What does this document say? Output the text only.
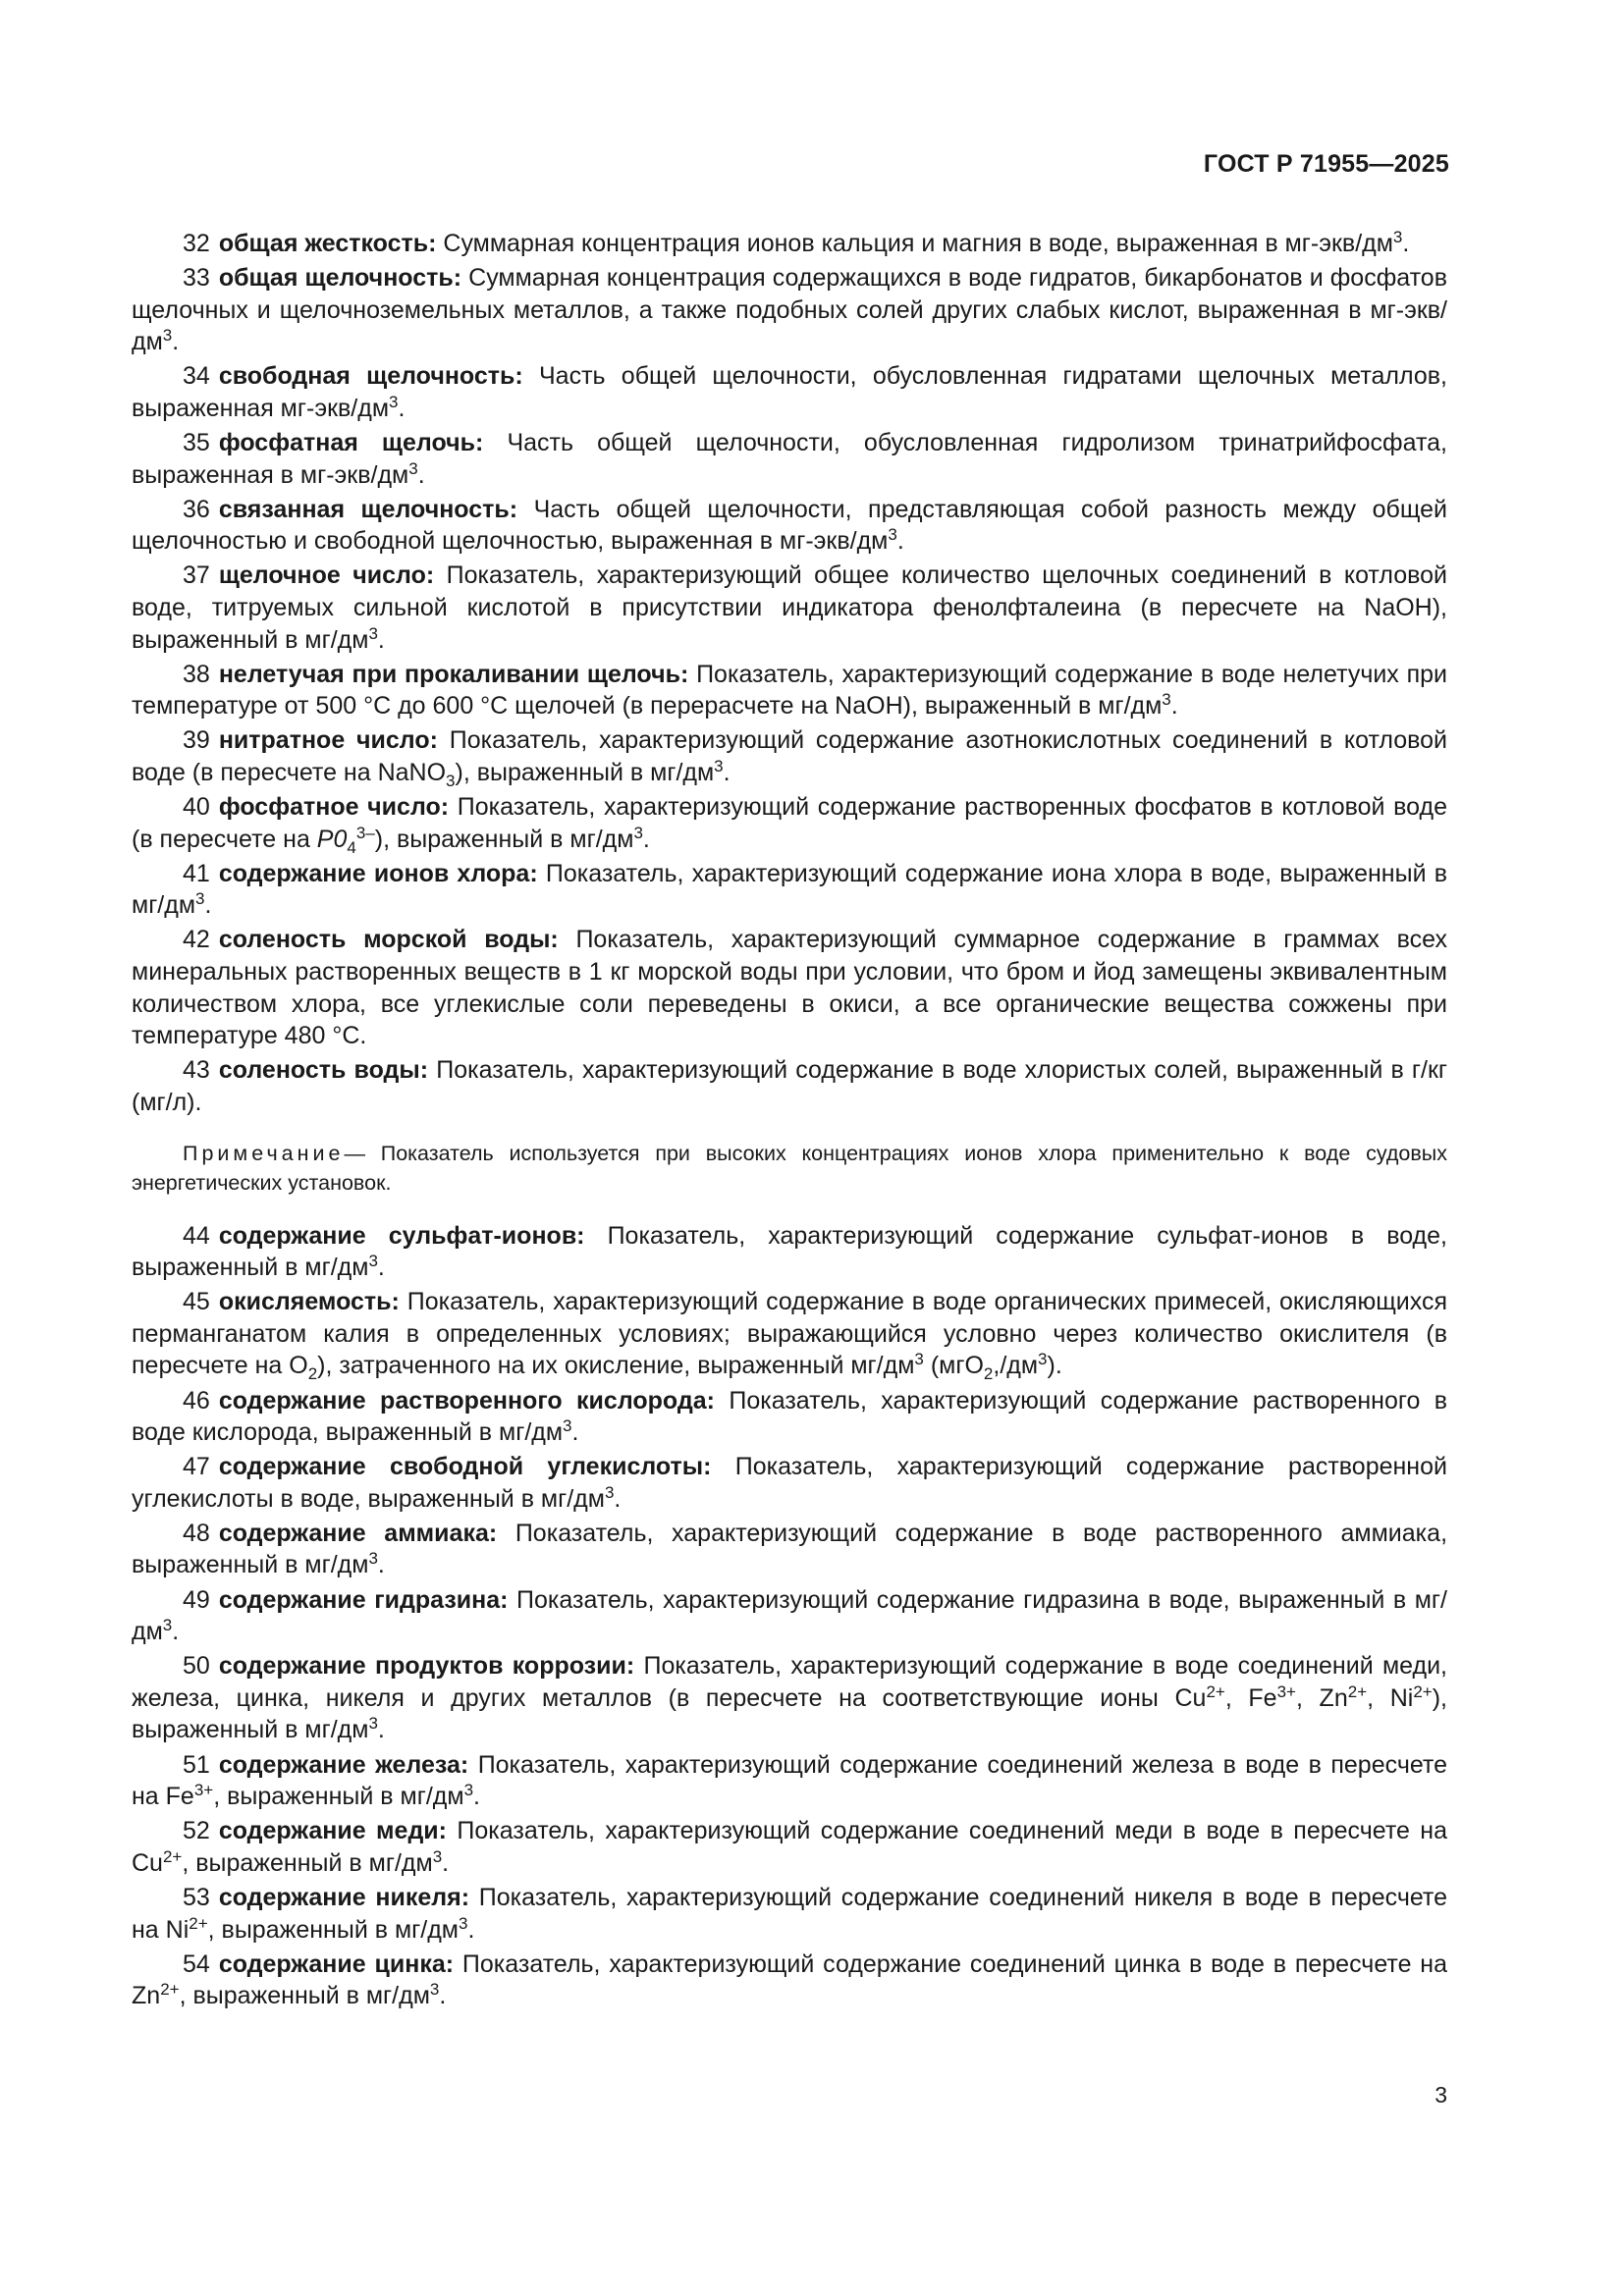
ГОСТ Р 71955—2025
32 общая жесткость: Суммарная концентрация ионов кальция и магния в воде, выраженная в $мг-экв/дм^3$.
33 общая щелочность: Суммарная концентрация содержащихся в воде гидратов, бикарбонатов и фосфатов щелочных и щелочноземельных металлов, а также подобных солей других слабых кислот, выраженная в $мг-экв/дм^3$.
34 свободная щелочность: Часть общей щелочности, обусловленная гидратами щелочных металлов, выраженная $мг-экв/дм^3$.
35 фосфатная щелочь: Часть общей щелочности, обусловленная гидролизом тринатрийфосфата, выраженная в $мг-экв/дм^3$.
36 связанная щелочность: Часть общей щелочности, представляющая собой разность между общей щелочностью и свободной щелочностью, выраженная в $мг-экв/дм^3$.
37 щелочное число: Показатель, характеризующий общее количество щелочных соединений в котловой воде, титруемых сильной кислотой в присутствии индикатора фенолфталеина (в пересчете на NaOH), выраженный в $мг/дм^3$.
38 нелетучая при прокаливании щелочь: Показатель, характеризующий содержание в воде нелетучих при температуре от 500 °С до 600 °С щелочей (в перерасчете на NaOH), выраженный в $мг/дм^3$.
39 нитратное число: Показатель, характеризующий содержание азотнокислотных соединений в котловой воде (в пересчете на NaNO$_3$), выраженный в $мг/дм^3$.
40 фосфатное число: Показатель, характеризующий содержание растворенных фосфатов в котловой воде (в пересчете на $P0_4^{3-}$), выраженный в $мг/дм^3$.
41 содержание ионов хлора: Показатель, характеризующий содержание иона хлора в воде, выраженный в $мг/дм^3$.
42 соленость морской воды: Показатель, характеризующий суммарное содержание в граммах всех минеральных растворенных веществ в 1 кг морской воды при условии, что бром и йод замещены эквивалентным количеством хлора, все углекислые соли переведены в окиси, а все органические вещества сожжены при температуре 480 °С.
43 соленость воды: Показатель, характеризующий содержание в воде хлористых солей, выраженный в г/кг (мг/л).
Примечание— Показатель используется при высоких концентрациях ионов хлора применительно к воде судовых энергетических установок.
44 содержание сульфат-ионов: Показатель, характеризующий содержание сульфат-ионов в воде, выраженный в $мг/дм^3$.
45 окисляемость: Показатель, характеризующий содержание в воде органических примесей, окисляющихся перманганатом калия в определенных условиях; выражающийся условно через количество окислителя (в пересчете на $O_2$), затраченного на их окисление, выраженный $мг/дм^3$ $(мгO_2,/дм^3)$.
46 содержание растворенного кислорода: Показатель, характеризующий содержание растворенного в воде кислорода, выраженный в $мг/дм^3$.
47 содержание свободной углекислоты: Показатель, характеризующий содержание растворенной углекислоты в воде, выраженный в $мг/дм^3$.
48 содержание аммиака: Показатель, характеризующий содержание в воде растворенного аммиака, выраженный в $мг/дм^3$.
49 содержание гидразина: Показатель, характеризующий содержание гидразина в воде, выраженный в $мг/дм^3$.
50 содержание продуктов коррозии: Показатель, характеризующий содержание в воде соединений меди, железа, цинка, никеля и других металлов (в пересчете на соответствующие ионы $Cu^{2+}$, $Fe^{3+}$, $Zn^{2+}$, $Ni^{2+}$), выраженный в $мг/дм^3$.
51 содержание железа: Показатель, характеризующий содержание соединений железа в воде в пересчете на $Fe^{3+}$, выраженный в $мг/дм^3$.
52 содержание меди: Показатель, характеризующий содержание соединений меди в воде в пересчете на $Cu^{2+}$, выраженный в $мг/дм^3$.
53 содержание никеля: Показатель, характеризующий содержание соединений никеля в воде в пересчете на $Ni^{2+}$, выраженный в $мг/дм^3$.
54 содержание цинка: Показатель, характеризующий содержание соединений цинка в воде в пересчете на $Zn^{2+}$, выраженный в $мг/дм^3$.
3
